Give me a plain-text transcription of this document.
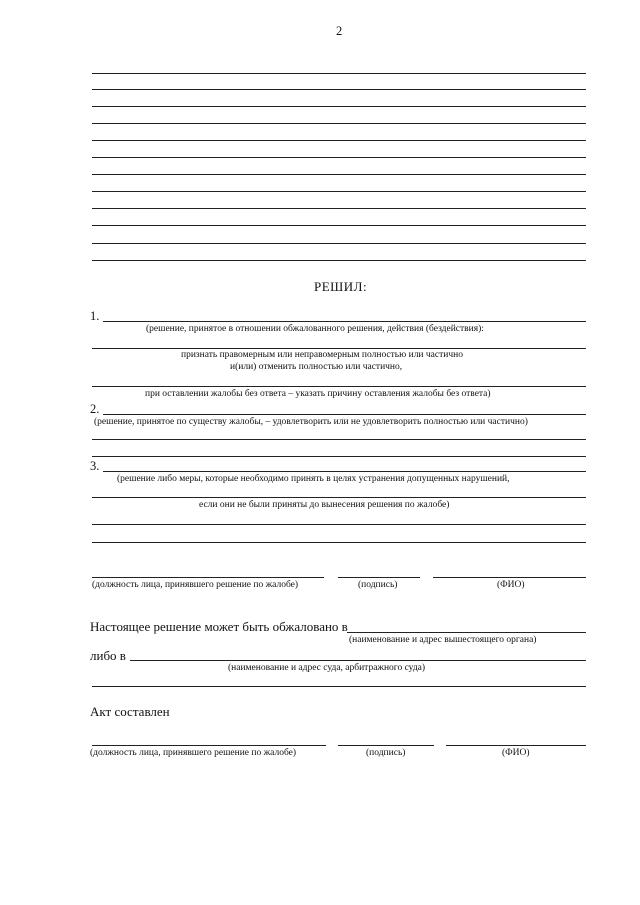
2
РЕШИЛ:
1.
(решение, принятое в отношении обжалованного решения, действия (бездействия):
признать правомерным или неправомерным полностью или частично
и(или) отменить полностью или частично,
при оставлении жалобы без ответа – указать причину оставления жалобы без ответа)
2.
(решение, принятое по существу жалобы, – удовлетворить или не удовлетворить полностью или частично)
3.
(решение либо меры, которые необходимо принять в целях устранения допущенных нарушений,
если они не были приняты до вынесения решения по жалобе)
(должность лица, принявшего решение по жалобе)	(подпись)	(ФИО)
Настоящее решение может быть обжаловано в
(наименование и адрес вышестоящего органа)
либо в
(наименование и адрес суда, арбитражного суда)
Акт составлен
(должность лица, принявшего решение по жалобе)	(подпись)	(ФИО)
